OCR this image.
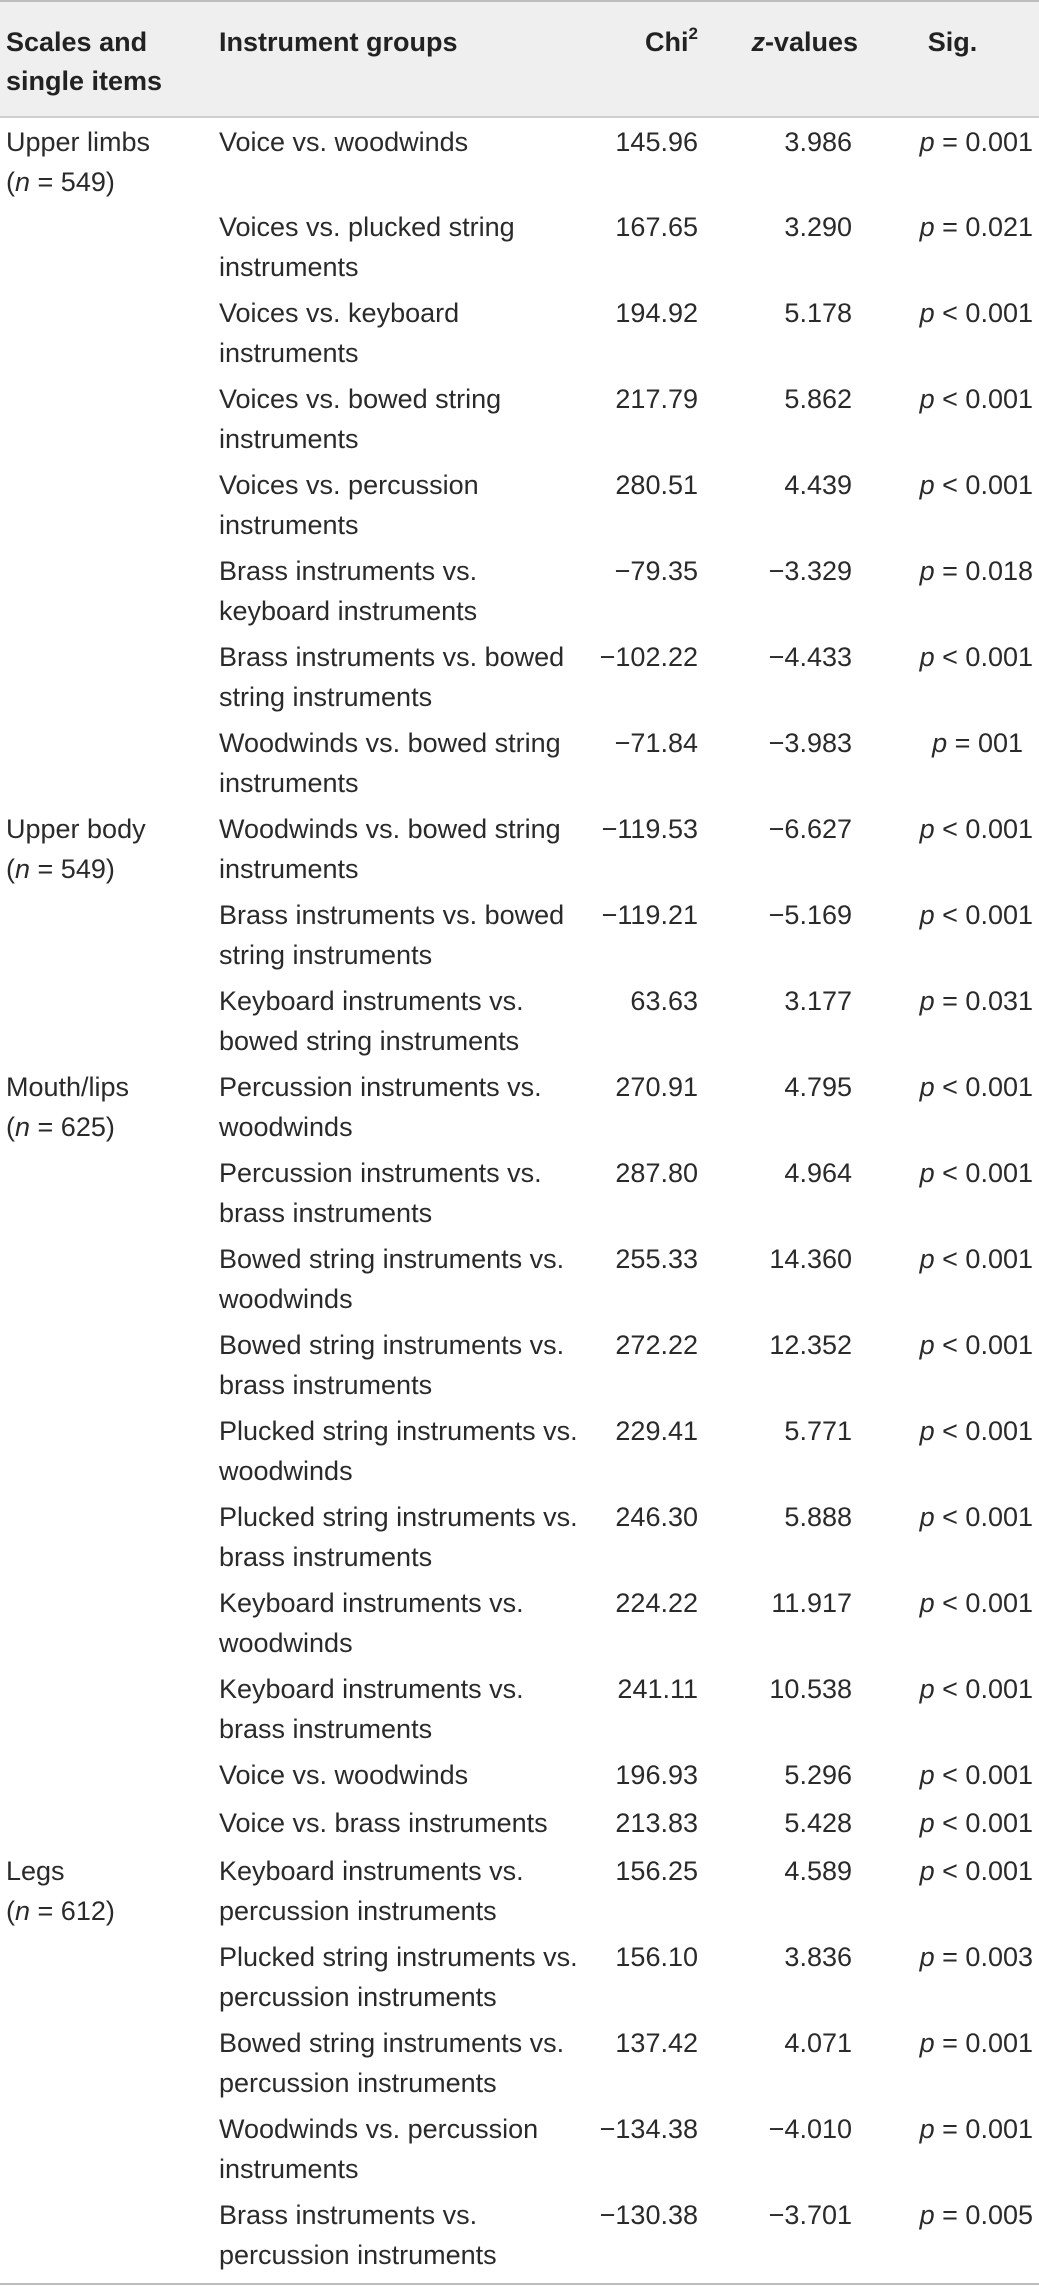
Scales and
single items	Instrument groups	Chi$^2$	z-values	Sig.
Upper limbs
(n = 549)	Voice vs. woodwinds	145.96	3.986	p = 0.001
	Voices vs. plucked string instruments	167.65	3.290	p = 0.021
	Voices vs. keyboard instruments	194.92	5.178	p < 0.001
	Voices vs. bowed string instruments	217.79	5.862	p < 0.001
	Voices vs. percussion instruments	280.51	4.439	p < 0.001
	Brass instruments vs. keyboard instruments	−79.35	−3.329	p = 0.018
	Brass instruments vs. bowed string instruments	−102.22	−4.433	p < 0.001
	Woodwinds vs. bowed string instruments	−71.84	−3.983	p = 001
Upper body
(n = 549)	Woodwinds vs. bowed string instruments	−119.53	−6.627	p < 0.001
	Brass instruments vs. bowed string instruments	−119.21	−5.169	p < 0.001
	Keyboard instruments vs. bowed string instruments	63.63	3.177	p = 0.031
Mouth/lips
(n = 625)	Percussion instruments vs. woodwinds	270.91	4.795	p < 0.001
	Percussion instruments vs. brass instruments	287.80	4.964	p < 0.001
	Bowed string instruments vs. woodwinds	255.33	14.360	p < 0.001
	Bowed string instruments vs. brass instruments	272.22	12.352	p < 0.001
	Plucked string instruments vs. woodwinds	229.41	5.771	p < 0.001
	Plucked string instruments vs. brass instruments	246.30	5.888	p < 0.001
	Keyboard instruments vs. woodwinds	224.22	11.917	p < 0.001
	Keyboard instruments vs. brass instruments	241.11	10.538	p < 0.001
	Voice vs. woodwinds	196.93	5.296	p < 0.001
	Voice vs. brass instruments	213.83	5.428	p < 0.001
Legs
(n = 612)	Keyboard instruments vs. percussion instruments	156.25	4.589	p < 0.001
	Plucked string instruments vs. percussion instruments	156.10	3.836	p = 0.003
	Bowed string instruments vs. percussion instruments	137.42	4.071	p = 0.001
	Woodwinds vs. percussion instruments	−134.38	−4.010	p = 0.001
	Brass instruments vs. percussion instruments	−130.38	−3.701	p = 0.005
